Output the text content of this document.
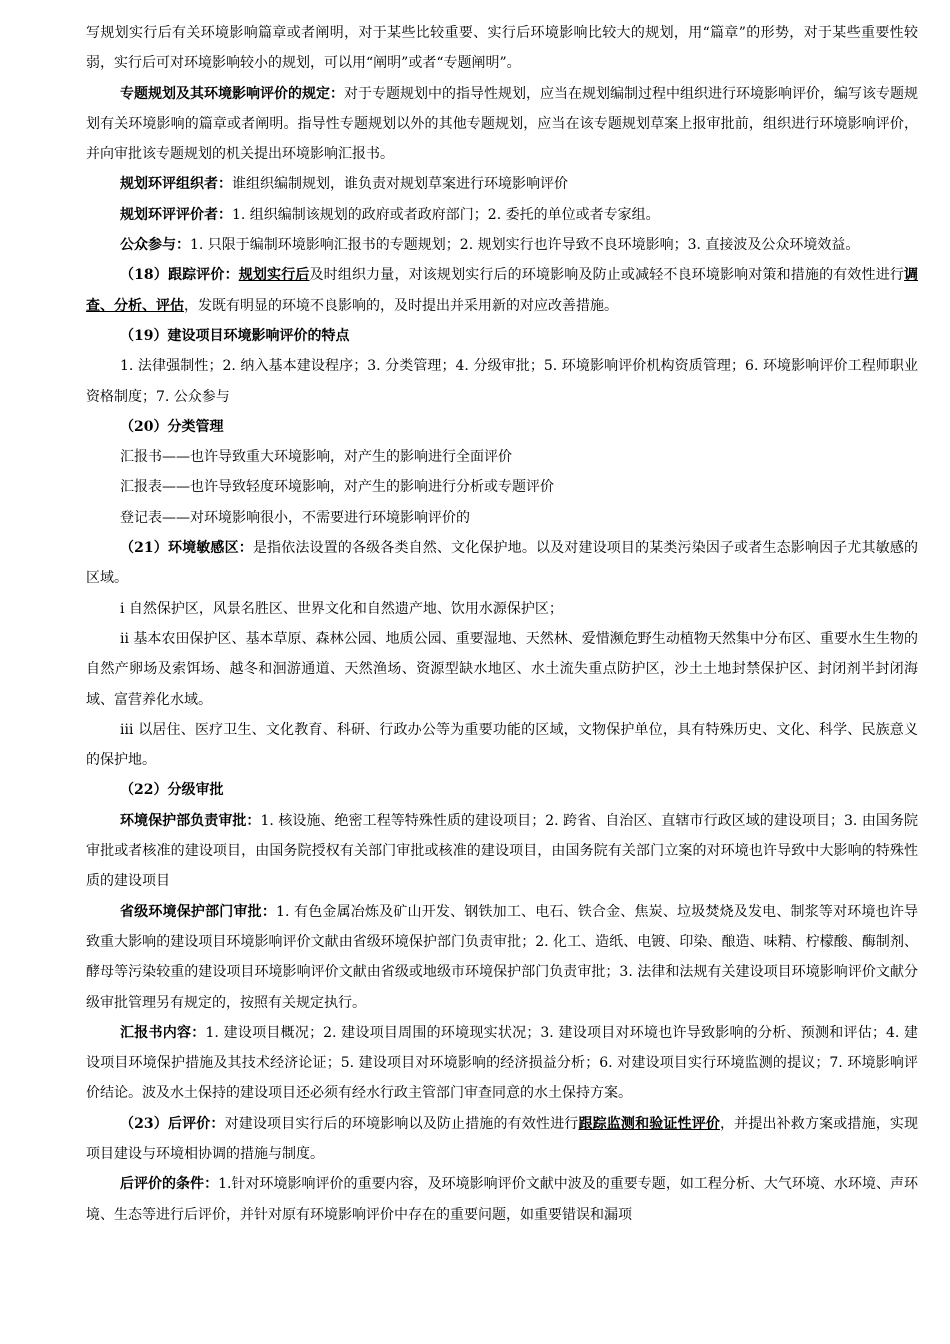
写规划实行后有关环境影响篇章或者阐明，对于某些比较重要、实行后环境影响比较大的规划，用“篇章”的形势，对于某些重要性较弱，实行后可对环境影响较小的规划，可以用“阐明”或者“专题阐明”。

专题规划及其环境影响评价的规定：对于专题规划中的指导性规划，应当在规划编制过程中组织进行环境影响评价，编写该专题规划有关环境影响的篇章或者阐明。指导性专题规划以外的其他专题规划，应当在该专题规划草案上报审批前，组织进行环境影响评价，并向审批该专题规划的机关提出环境影响汇报书。

规划环评组织者：谁组织编制规划，谁负责对规划草案进行环境影响评价

规划环评评价者：1. 组织编制该规划的政府或者政府部门；2. 委托的单位或者专家组。

公众参与：1. 只限于编制环境影响汇报书的专题规划；2. 规划实行也许导致不良环境影响；3. 直接波及公众环境效益。

（18）跟踪评价：规划实行后及时组织力量，对该规划实行后的环境影响及防止或减轻不良环境影响对策和措施的有效性进行调查、分析、评估，发既有明显的环境不良影响的，及时提出并采用新的对应改善措施。

（19）建设项目环境影响评价的特点

1. 法律强制性；2. 纳入基本建设程序；3. 分类管理；4. 分级审批；5. 环境影响评价机构资质管理；6. 环境影响评价工程师职业资格制度；7. 公众参与

（20）分类管理

汇报书——也许导致重大环境影响，对产生的影响进行全面评价

汇报表——也许导致轻度环境影响，对产生的影响进行分析或专题评价

登记表——对环境影响很小，不需要进行环境影响评价的

（21）环境敏感区：是指依法设置的各级各类自然、文化保护地。以及对建设项目的某类污染因子或者生态影响因子尤其敏感的区域。

ⅰ 自然保护区，风景名胜区、世界文化和自然遗产地、饮用水源保护区；

ⅱ 基本农田保护区、基本草原、森林公园、地质公园、重要湿地、天然林、爱惜濒危野生动植物天然集中分布区、重要水生生物的自然产卵场及索饵场、越冬和洄游通道、天然渔场、资源型缺水地区、水土流失重点防护区，沙土土地封禁保护区、封闭剂半封闭海域、富营养化水域。

ⅲ 以居住、医疗卫生、文化教育、科研、行政办公等为重要功能的区域，文物保护单位，具有特殊历史、文化、科学、民族意义的保护地。

（22）分级审批

环境保护部负责审批：1. 核设施、绝密工程等特殊性质的建设项目；2. 跨省、自治区、直辖市行政区域的建设项目；3. 由国务院审批或者核准的建设项目，由国务院授权有关部门审批或核准的建设项目，由国务院有关部门立案的对环境也许导致中大影响的特殊性质的建设项目

省级环境保护部门审批：1. 有色金属冶炼及矿山开发、钢铁加工、电石、铁合金、焦炭、垃圾焚烧及发电、制浆等对环境也许导致重大影响的建设项目环境影响评价文献由省级环境保护部门负责审批；2. 化工、造纸、电镀、印染、酿造、味精、柠檬酸、酶制剂、酵母等污染较重的建设项目环境影响评价文献由省级或地级市环境保护部门负责审批；3. 法律和法规有关建设项目环境影响评价文献分级审批管理另有规定的，按照有关规定执行。

汇报书内容：1. 建设项目概况；2. 建设项目周围的环境现实状况；3. 建设项目对环境也许导致影响的分析、预测和评估；4. 建设项目环境保护措施及其技术经济论证；5. 建设项目对环境影响的经济损益分析；6. 对建设项目实行环境监测的提议；7. 环境影响评价结论。波及水土保持的建设项目还必须有经水行政主管部门审查同意的水土保持方案。

（23）后评价：对建设项目实行后的环境影响以及防止措施的有效性进行跟踪监测和验证性评价，并提出补救方案或措施，实现项目建设与环境相协调的措施与制度。

后评价的条件：1.针对环境影响评价的重要内容，及环境影响评价文献中波及的重要专题，如工程分析、大气环境、水环境、声环境、生态等进行后评价，并针对原有环境影响评价中存在的重要问题，如重要错误和漏项
